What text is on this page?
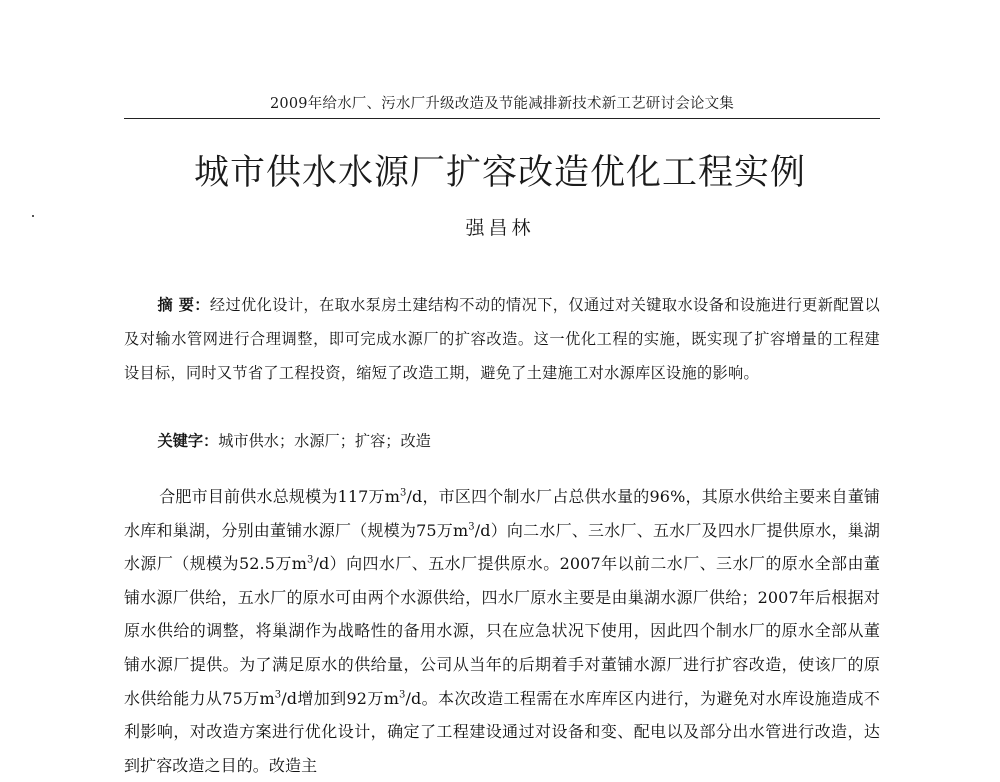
2009年给水厂、污水厂升级改造及节能减排新技术新工艺研讨会论文集
城市供水水源厂扩容改造优化工程实例
强昌林

摘 要：经过优化设计，在取水泵房土建结构不动的情况下，仅通过对关键取水设备和设施进行更新配置以及对输水管网进行合理调整，即可完成水源厂的扩容改造。这一优化工程的实施，既实现了扩容增量的工程建设目标，同时又节省了工程投资，缩短了改造工期，避免了土建施工对水源库区设施的影响。

关键字：城市供水；水源厂；扩容；改造

合肥市目前供水总规模为117万$m^3/d$，市区四个制水厂占总供水量的96%，其原水供给主要来自董铺水库和巢湖，分别由董铺水源厂（规模为75万$m^3/d$）向二水厂、三水厂、五水厂及四水厂提供原水，巢湖水源厂（规模为52.5万$m^3/d$）向四水厂、五水厂提供原水。2007年以前二水厂、三水厂的原水全部由董铺水源厂供给，五水厂的原水可由两个水源供给，四水厂原水主要是由巢湖水源厂供给；2007年后根据对原水供给的调整，将巢湖作为战略性的备用水源，只在应急状况下使用，因此四个制水厂的原水全部从董铺水源厂提供。为了满足原水的供给量，公司从当年的后期着手对董铺水源厂进行扩容改造，使该厂的原水供给能力从75万$m^3/d$增加到92万$m^3/d$。本次改造工程需在水库库区内进行，为避免对水库设施造成不利影响，对改造方案进行优化设计，确定了工程建设通过对设备和变、配电以及部分出水管进行改造，达到扩容改造之目的。改造主
